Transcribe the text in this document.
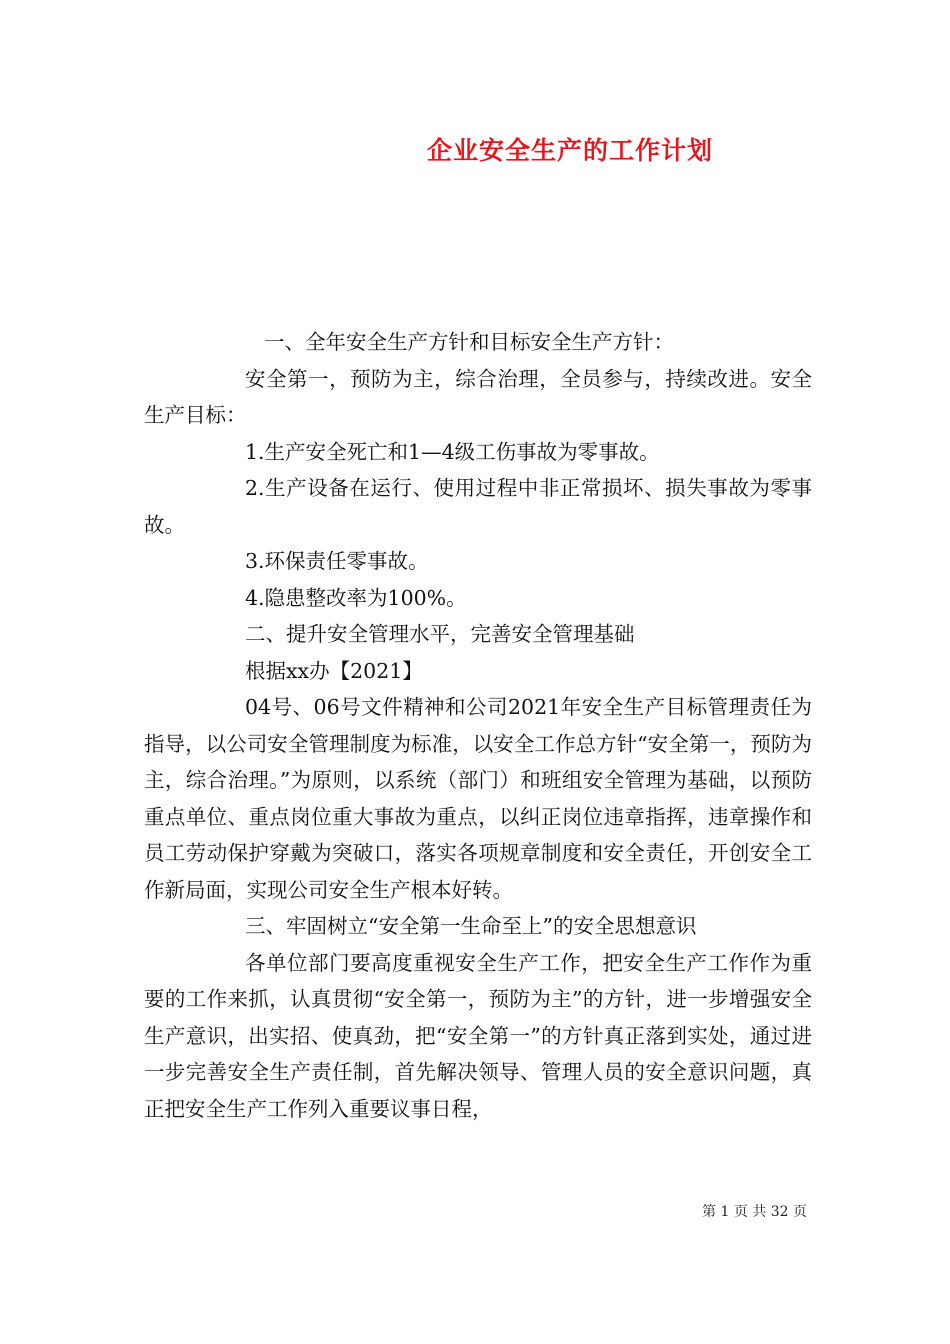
企业安全生产的工作计划

一、全年安全生产方针和目标安全生产方针：

安全第一，预防为主，综合治理，全员参与，持续改进。安全生产目标：

1.生产安全死亡和1—4级工伤事故为零事故。

2.生产设备在运行、使用过程中非正常损坏、损失事故为零事故。

3.环保责任零事故。

4.隐患整改率为100%。

二、提升安全管理水平，完善安全管理基础

根据xx办【2021】

04号、06号文件精神和公司2021年安全生产目标管理责任为指导，以公司安全管理制度为标准，以安全工作总方针“安全第一，预防为主，综合治理。”为原则，以系统（部门）和班组安全管理为基础，以预防重点单位、重点岗位重大事故为重点，以纠正岗位违章指挥，违章操作和员工劳动保护穿戴为突破口，落实各项规章制度和安全责任，开创安全工作新局面，实现公司安全生产根本好转。

三、牢固树立“安全第一生命至上”的安全思想意识

各单位部门要高度重视安全生产工作，把安全生产工作作为重要的工作来抓，认真贯彻“安全第一，预防为主”的方针，进一步增强安全生产意识，出实招、使真劲，把“安全第一”的方针真正落到实处，通过进一步完善安全生产责任制，首先解决领导、管理人员的安全意识问题，真正把安全生产工作列入重要议事日程，

第 1 页 共 32 页
